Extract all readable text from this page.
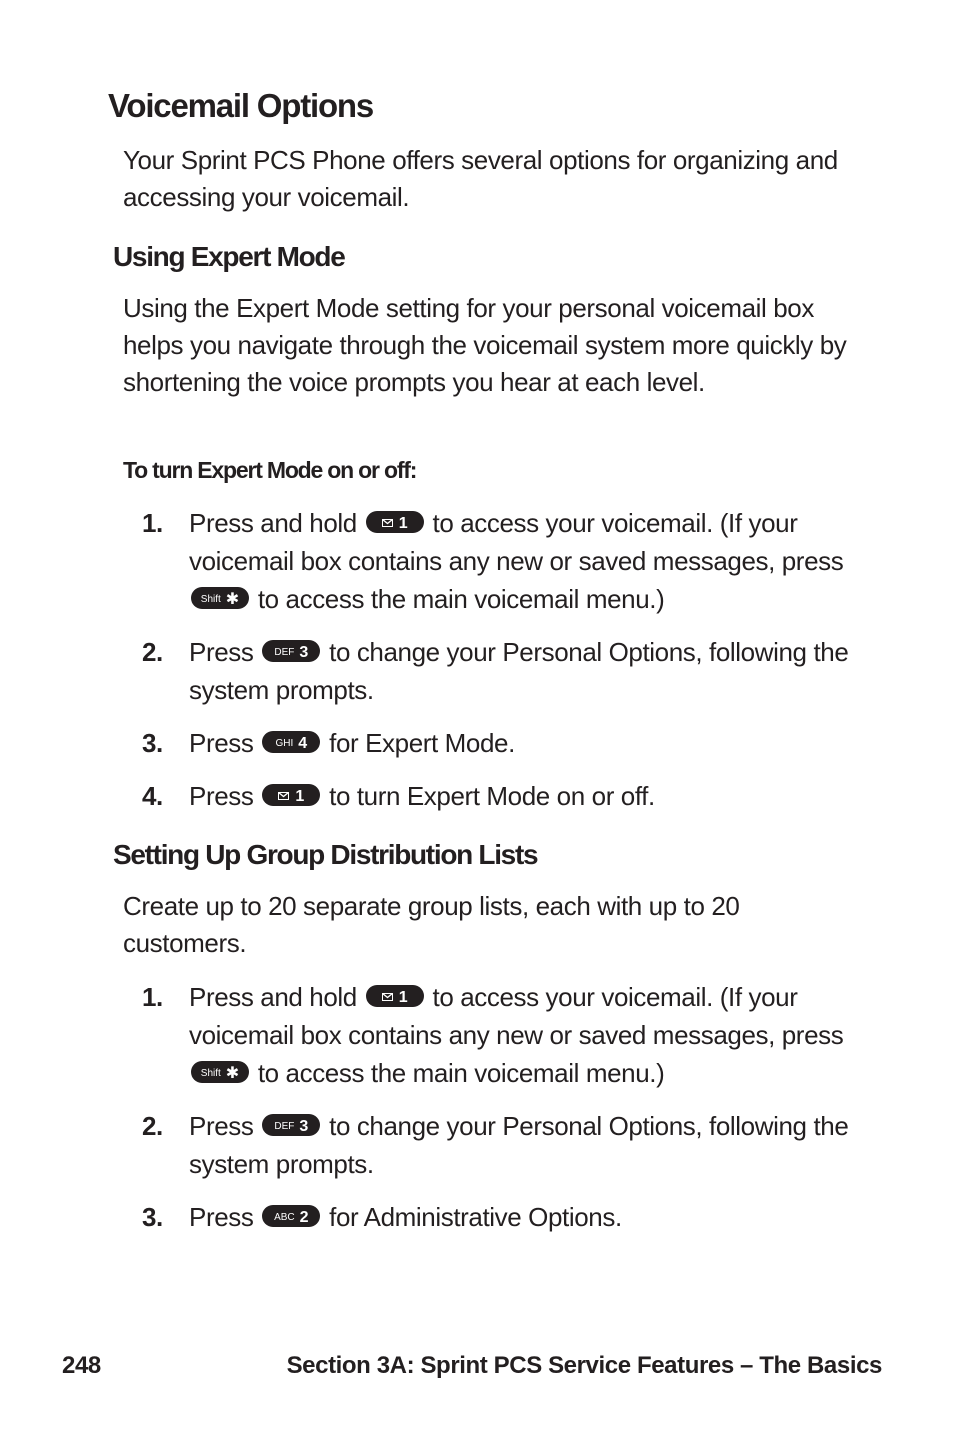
Voicemail Options

Your Sprint PCS Phone offers several options for organizing and accessing your voicemail.

Using Expert Mode

Using the Expert Mode setting for your personal voicemail box helps you navigate through the voicemail system more quickly by shortening the voice prompts you hear at each level.

To turn Expert Mode on or off:

1. Press and hold	1 to access your voicemail. (If your voicemail box contains any new or saved messages, press Shift ✱ to access the main voicemail menu.)
2. Press DEF 3 to change your Personal Options, following the system prompts.
3. Press GHI 4 for Expert Mode.
4. Press	1 to turn Expert Mode on or off.
Setting Up Group Distribution Lists

Create up to 20 separate group lists, each with up to 20 customers.

1. Press and hold	1 to access your voicemail. (If your voicemail box contains any new or saved messages, press Shift ✱ to access the main voicemail menu.)
2. Press DEF 3 to change your Personal Options, following the system prompts.
3. Press ABC 2 for Administrative Options.
248	Section 3A: Sprint PCS Service Features – The Basics
